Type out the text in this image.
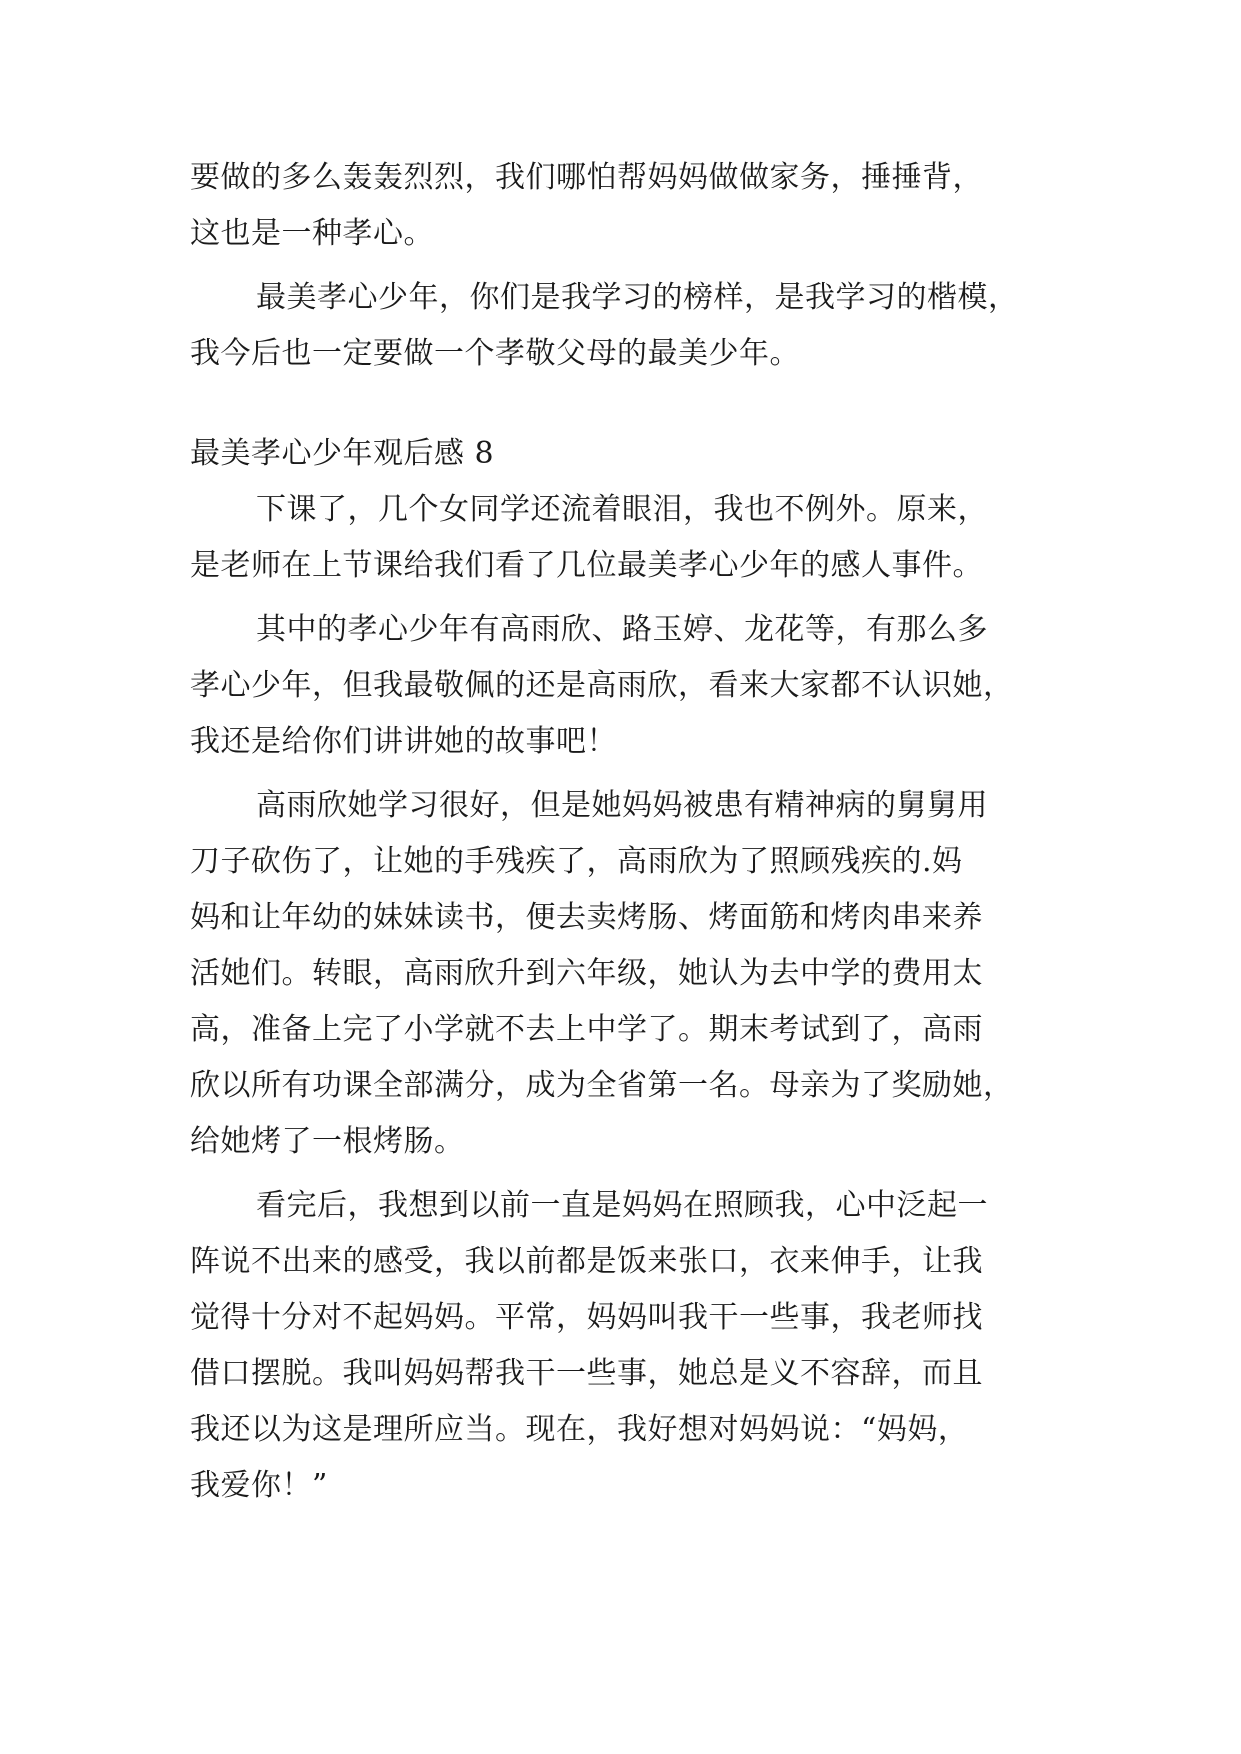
要做的多么轰轰烈烈，我们哪怕帮妈妈做做家务，捶捶背，
这也是一种孝心。
最美孝心少年，你们是我学习的榜样，是我学习的楷模，
我今后也一定要做一个孝敬父母的最美少年。
最美孝心少年观后感 8
下课了，几个女同学还流着眼泪，我也不例外。原来，
是老师在上节课给我们看了几位最美孝心少年的感人事件。
其中的孝心少年有高雨欣、路玉婷、龙花等，有那么多
孝心少年，但我最敬佩的还是高雨欣，看来大家都不认识她，
我还是给你们讲讲她的故事吧！
高雨欣她学习很好，但是她妈妈被患有精神病的舅舅用
刀子砍伤了，让她的手残疾了，高雨欣为了照顾残疾的.妈
妈和让年幼的妹妹读书，便去卖烤肠、烤面筋和烤肉串来养
活她们。转眼，高雨欣升到六年级，她认为去中学的费用太
高，准备上完了小学就不去上中学了。期末考试到了，高雨
欣以所有功课全部满分，成为全省第一名。母亲为了奖励她，
给她烤了一根烤肠。
看完后，我想到以前一直是妈妈在照顾我，心中泛起一
阵说不出来的感受，我以前都是饭来张口，衣来伸手，让我
觉得十分对不起妈妈。平常，妈妈叫我干一些事，我老师找
借口摆脱。我叫妈妈帮我干一些事，她总是义不容辞，而且
我还以为这是理所应当。现在，我好想对妈妈说：“妈妈，
我爱你！”
